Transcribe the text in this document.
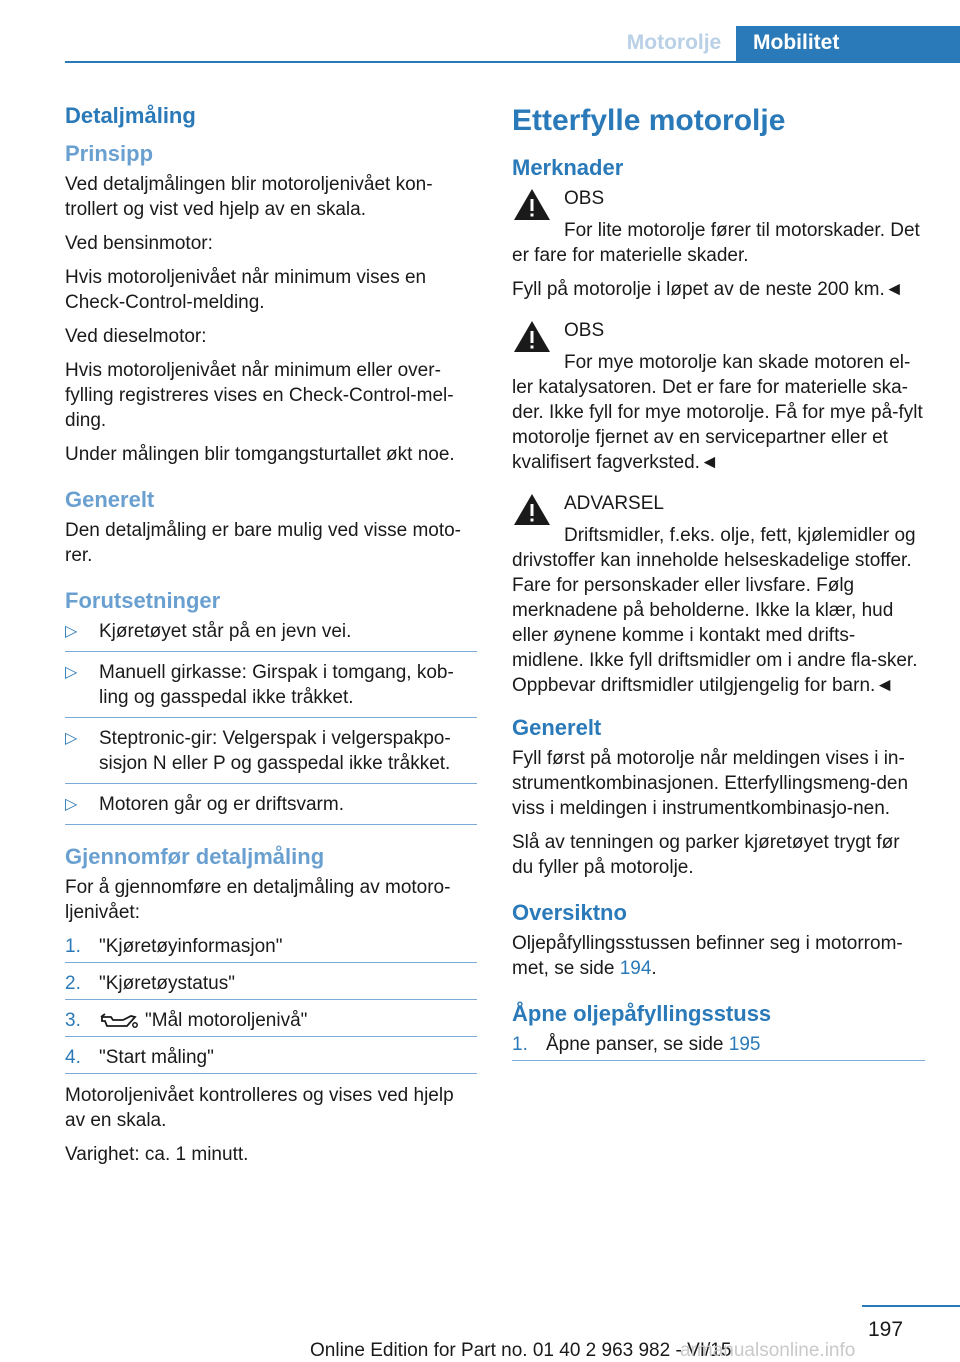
Motorolje	Mobilitet
Detaljmåling
Prinsipp

Ved detaljmålingen blir motoroljenivået kon-trollert og vist ved hjelp av en skala.

Ved bensinmotor:

Hvis motoroljenivået når minimum vises en Check-Control-melding.

Ved dieselmotor:

Hvis motoroljenivået når minimum eller over-fylling registreres vises en Check-Control-mel-ding.

Under målingen blir tomgangsturtallet økt noe.

Generelt

Den detaljmåling er bare mulig ved visse moto-rer.

Forutsetninger
▷ Kjøretøyet står på en jevn vei.
▷ Manuell girkasse: Girspak i tomgang, kob-ling og gasspedal ikke tråkket.
▷ Steptronic-gir: Velgerspak i velgerspakpo-sisjon N eller P og gasspedal ikke tråkket.
▷ Motoren går og er driftsvarm.
Gjennomfør detaljmåling

For å gjennomføre en detaljmåling av motoro-ljenivået:

1. "Kjøretøyinformasjon"
2. "Kjøretøystatus"
3.	"Mål motoroljenivå"
4. "Start måling"

Motoroljenivået kontrolleres og vises ved hjelp av en skala.

Varighet: ca. 1 minutt.

Etterfylle motorolje
Merknader
OBS

For lite motorolje fører til motorskader. Det er fare for materielle skader.

Fyll på motorolje i løpet av de neste 200 km.◄

OBS

For mye motorolje kan skade motoren el-ler katalysatoren. Det er fare for materielle ska-der. Ikke fyll for mye motorolje. Få for mye på-fylt motorolje fjernet av en servicepartner eller et kvalifisert fagverksted.◄

ADVARSEL

Driftsmidler, f.eks. olje, fett, kjølemidler og drivstoffer kan inneholde helseskadelige stoffer. Fare for personskader eller livsfare. Følg merknadene på beholderne. Ikke la klær, hud eller øynene komme i kontakt med drifts-midlene. Ikke fyll driftsmidler om i andre fla-sker. Oppbevar driftsmidler utilgjengelig for barn.◄

Generelt

Fyll først på motorolje når meldingen vises i in-strumentkombinasjonen. Etterfyllingsmeng-den viss i meldingen i instrumentkombinasjo-nen.

Slå av tenningen og parker kjøretøyet trygt før du fyller på motorolje.

Oversiktno

Oljepåfyllingsstussen befinner seg i motorrom-met, se side 194.

Åpne oljepåfyllingsstuss
1. Åpne panser, se side 195
197
Online Edition for Part no. 01 40 2 963 982 - VI/15
armanualsonline.info
